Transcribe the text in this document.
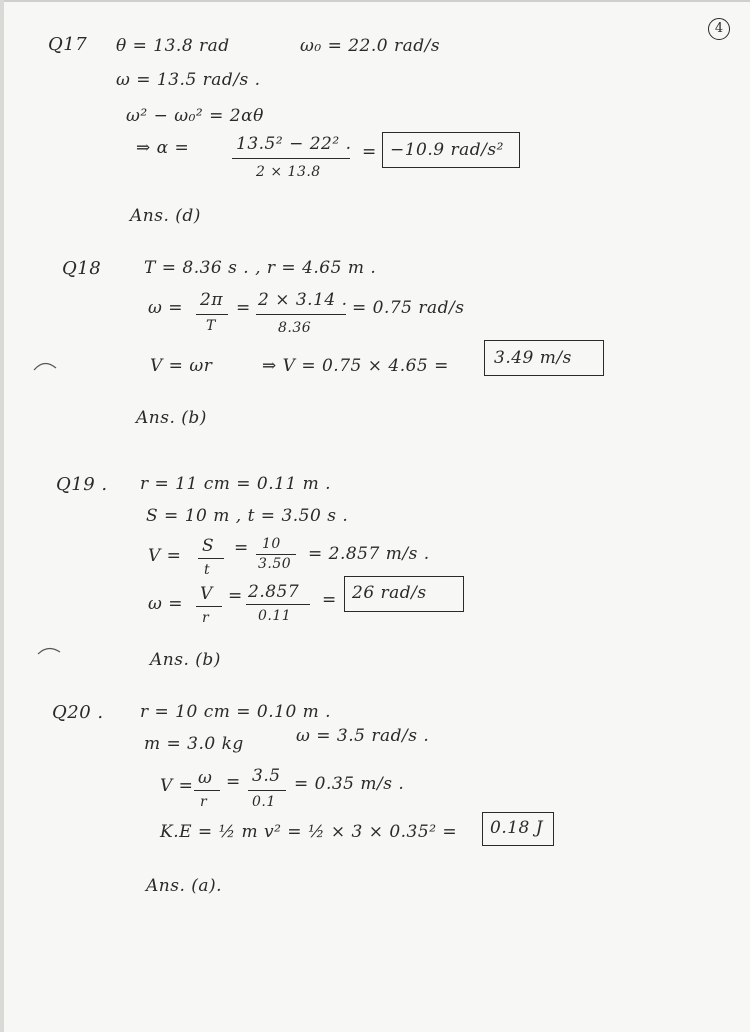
4
Q17 θ = 13.8 rad	ω₀ = 22.0 rad/s
ω = 13.5 rad/s .
ω² − ω₀² = 2αθ
⇒ α =	13.5² − 22² .
2 × 13.8
= −10.9 rad/s²
Ans. (d)
Q18	T = 8.36 s . , r = 4.65 m .
ω = 2π
T
= 2 × 3.14 .
8.36
= 0.75 rad/s
V = ωr	⇒ V = 0.75 × 4.65 =	3.49 m/s
Ans. (b)
Q19 . r = 11 cm = 0.11 m .
S = 10 m , t = 3.50 s .
V = S
t
= 10
3.50 = 2.857 m/s .
ω = V
r
= 2.857
0.11
= 26 rad/s
Ans. (b)
Q20 . r = 10 cm = 0.10 m .
m = 3.0 kg	ω = 3.5 rad/s .
V = ω
r
= 3.5
0.1
= 0.35 m/s .
K.E = ½ m v² = ½ × 3 × 0.35² = 0.18 J
Ans. (a).
